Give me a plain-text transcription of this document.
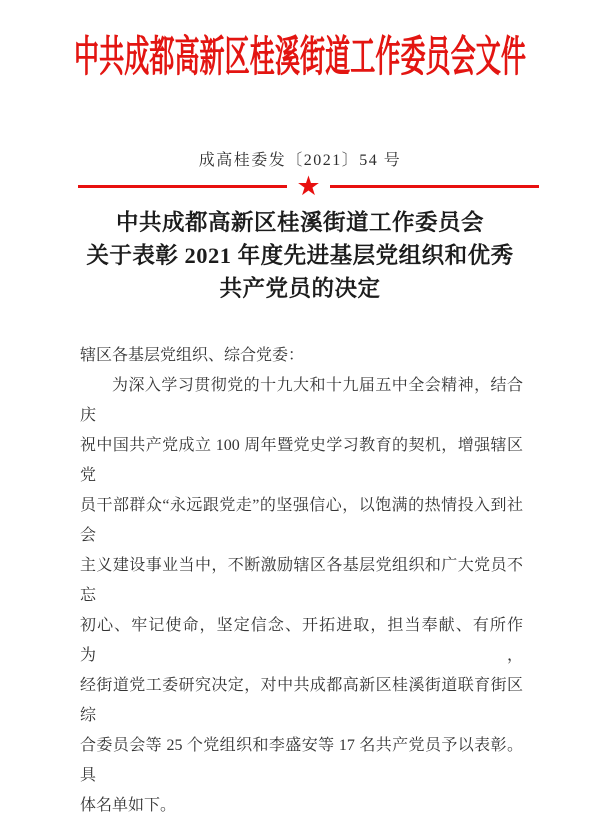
中共成都高新区桂溪街道工作委员会文件
成高桂委发〔2021〕54 号
★
中共成都高新区桂溪街道工作委员会
关于表彰 2021 年度先进基层党组织和优秀
共产党员的决定
辖区各基层党组织、综合党委：
为深入学习贯彻党的十九大和十九届五中全会精神，结合庆
祝中国共产党成立 100 周年暨党史学习教育的契机，增强辖区党
员干部群众“永远跟党走”的坚强信心，以饱满的热情投入到社会
主义建设事业当中，不断激励辖区各基层党组织和广大党员不忘
初心、牢记使命，坚定信念、开拓进取，担当奉献、有所作为，
经街道党工委研究决定，对中共成都高新区桂溪街道联育街区综
合委员会等 25 个党组织和李盛安等 17 名共产党员予以表彰。具
体名单如下。
